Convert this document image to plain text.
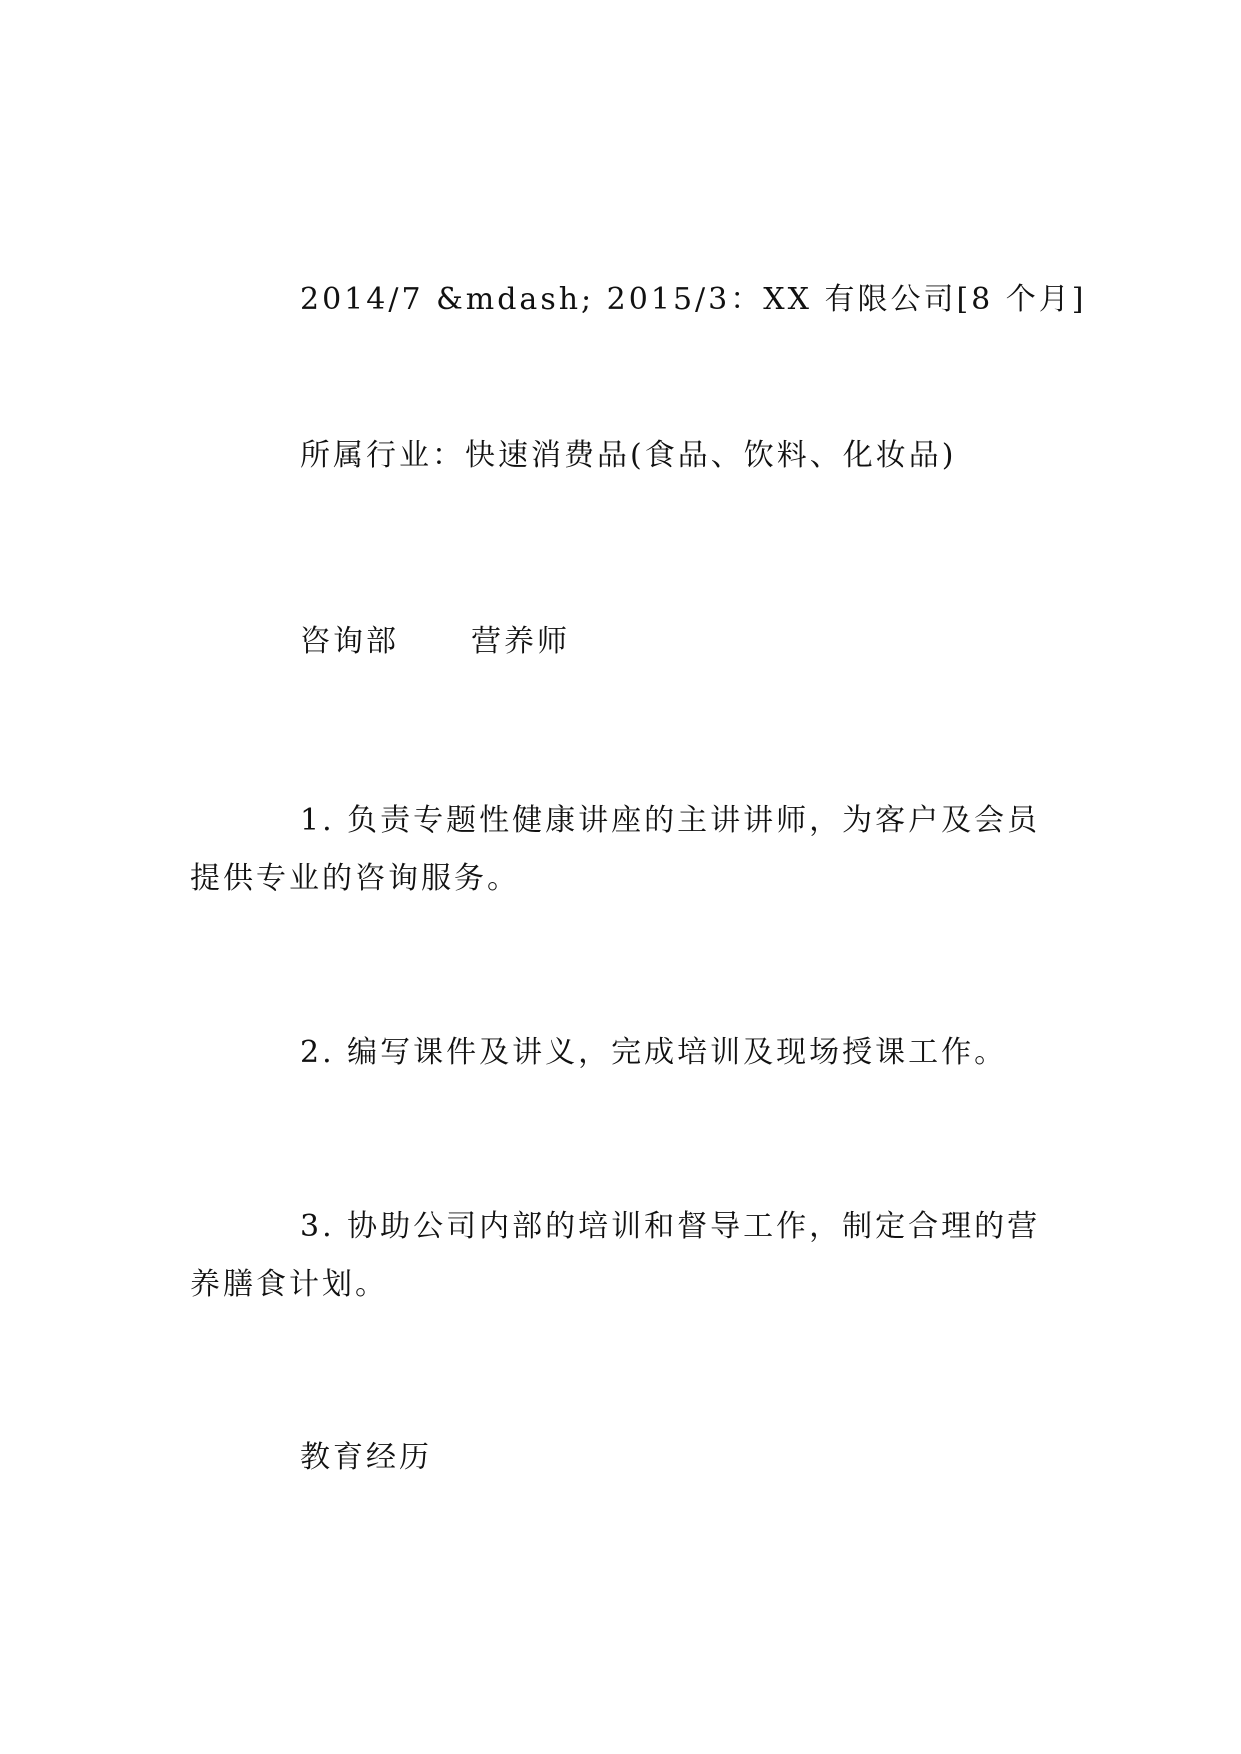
2014/7 &mdash; 2015/3：XX 有限公司[8 个月]

所属行业：快速消费品(食品、饮料、化妆品)

咨询部 营养师

1. 负责专题性健康讲座的主讲讲师，为客户及会员提供专业的咨询服务。

2. 编写课件及讲义，完成培训及现场授课工作。

3. 协助公司内部的培训和督导工作，制定合理的营养膳食计划。

教育经历
